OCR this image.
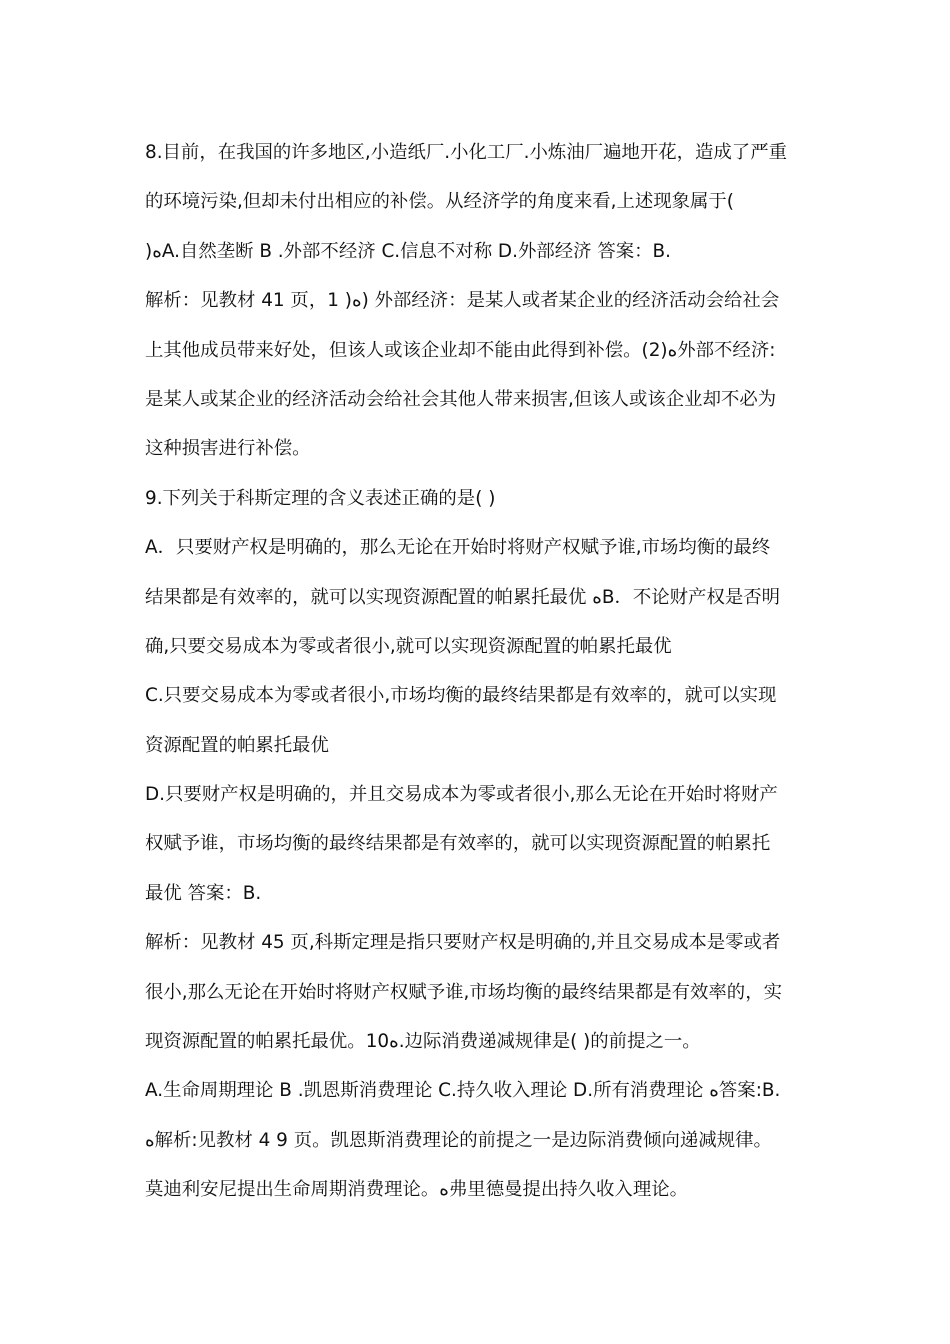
8.目前，在我国的许多地区,小造纸厂.小化工厂.小炼油厂遍地开花，造成了严重
的环境污染,但却未付出相应的补偿。从经济学的角度来看,上述现象属于(
)ﻩA.自然垄断 B .外部不经济 C.信息不对称 D.外部经济 答案：B.
解析：见教材 41 页，1 )ﻩ) 外部经济：是某人或者某企业的经济活动会给社会
上其他成员带来好处，但该人或该企业却不能由此得到补偿。(2)ﻩ外部不经济:
是某人或某企业的经济活动会给社会其他人带来损害,但该人或该企业却不必为
这种损害进行补偿。
9.下列关于科斯定理的含义表述正确的是( )
A．只要财产权是明确的，那么无论在开始时将财产权赋予谁,市场均衡的最终
结果都是有效率的，就可以实现资源配置的帕累托最优 ﻩB．不论财产权是否明
确,只要交易成本为零或者很小,就可以实现资源配置的帕累托最优
C.只要交易成本为零或者很小,市场均衡的最终结果都是有效率的，就可以实现
资源配置的帕累托最优
D.只要财产权是明确的，并且交易成本为零或者很小,那么无论在开始时将财产
权赋予谁，市场均衡的最终结果都是有效率的，就可以实现资源配置的帕累托
最优 答案：B.
解析：见教材 45 页,科斯定理是指只要财产权是明确的,并且交易成本是零或者
很小,那么无论在开始时将财产权赋予谁,市场均衡的最终结果都是有效率的，实
现资源配置的帕累托最优。10ﻩ.边际消费递减规律是( )的前提之一。
A.生命周期理论 B .凯恩斯消费理论 C.持久收入理论 D.所有消费理论 ﻩ答案:B.
ﻩ解析:见教材 4 9 页。凯恩斯消费理论的前提之一是边际消费倾向递减规律。
莫迪利安尼提出生命周期消费理论。ﻩ弗里德曼提出持久收入理论。
